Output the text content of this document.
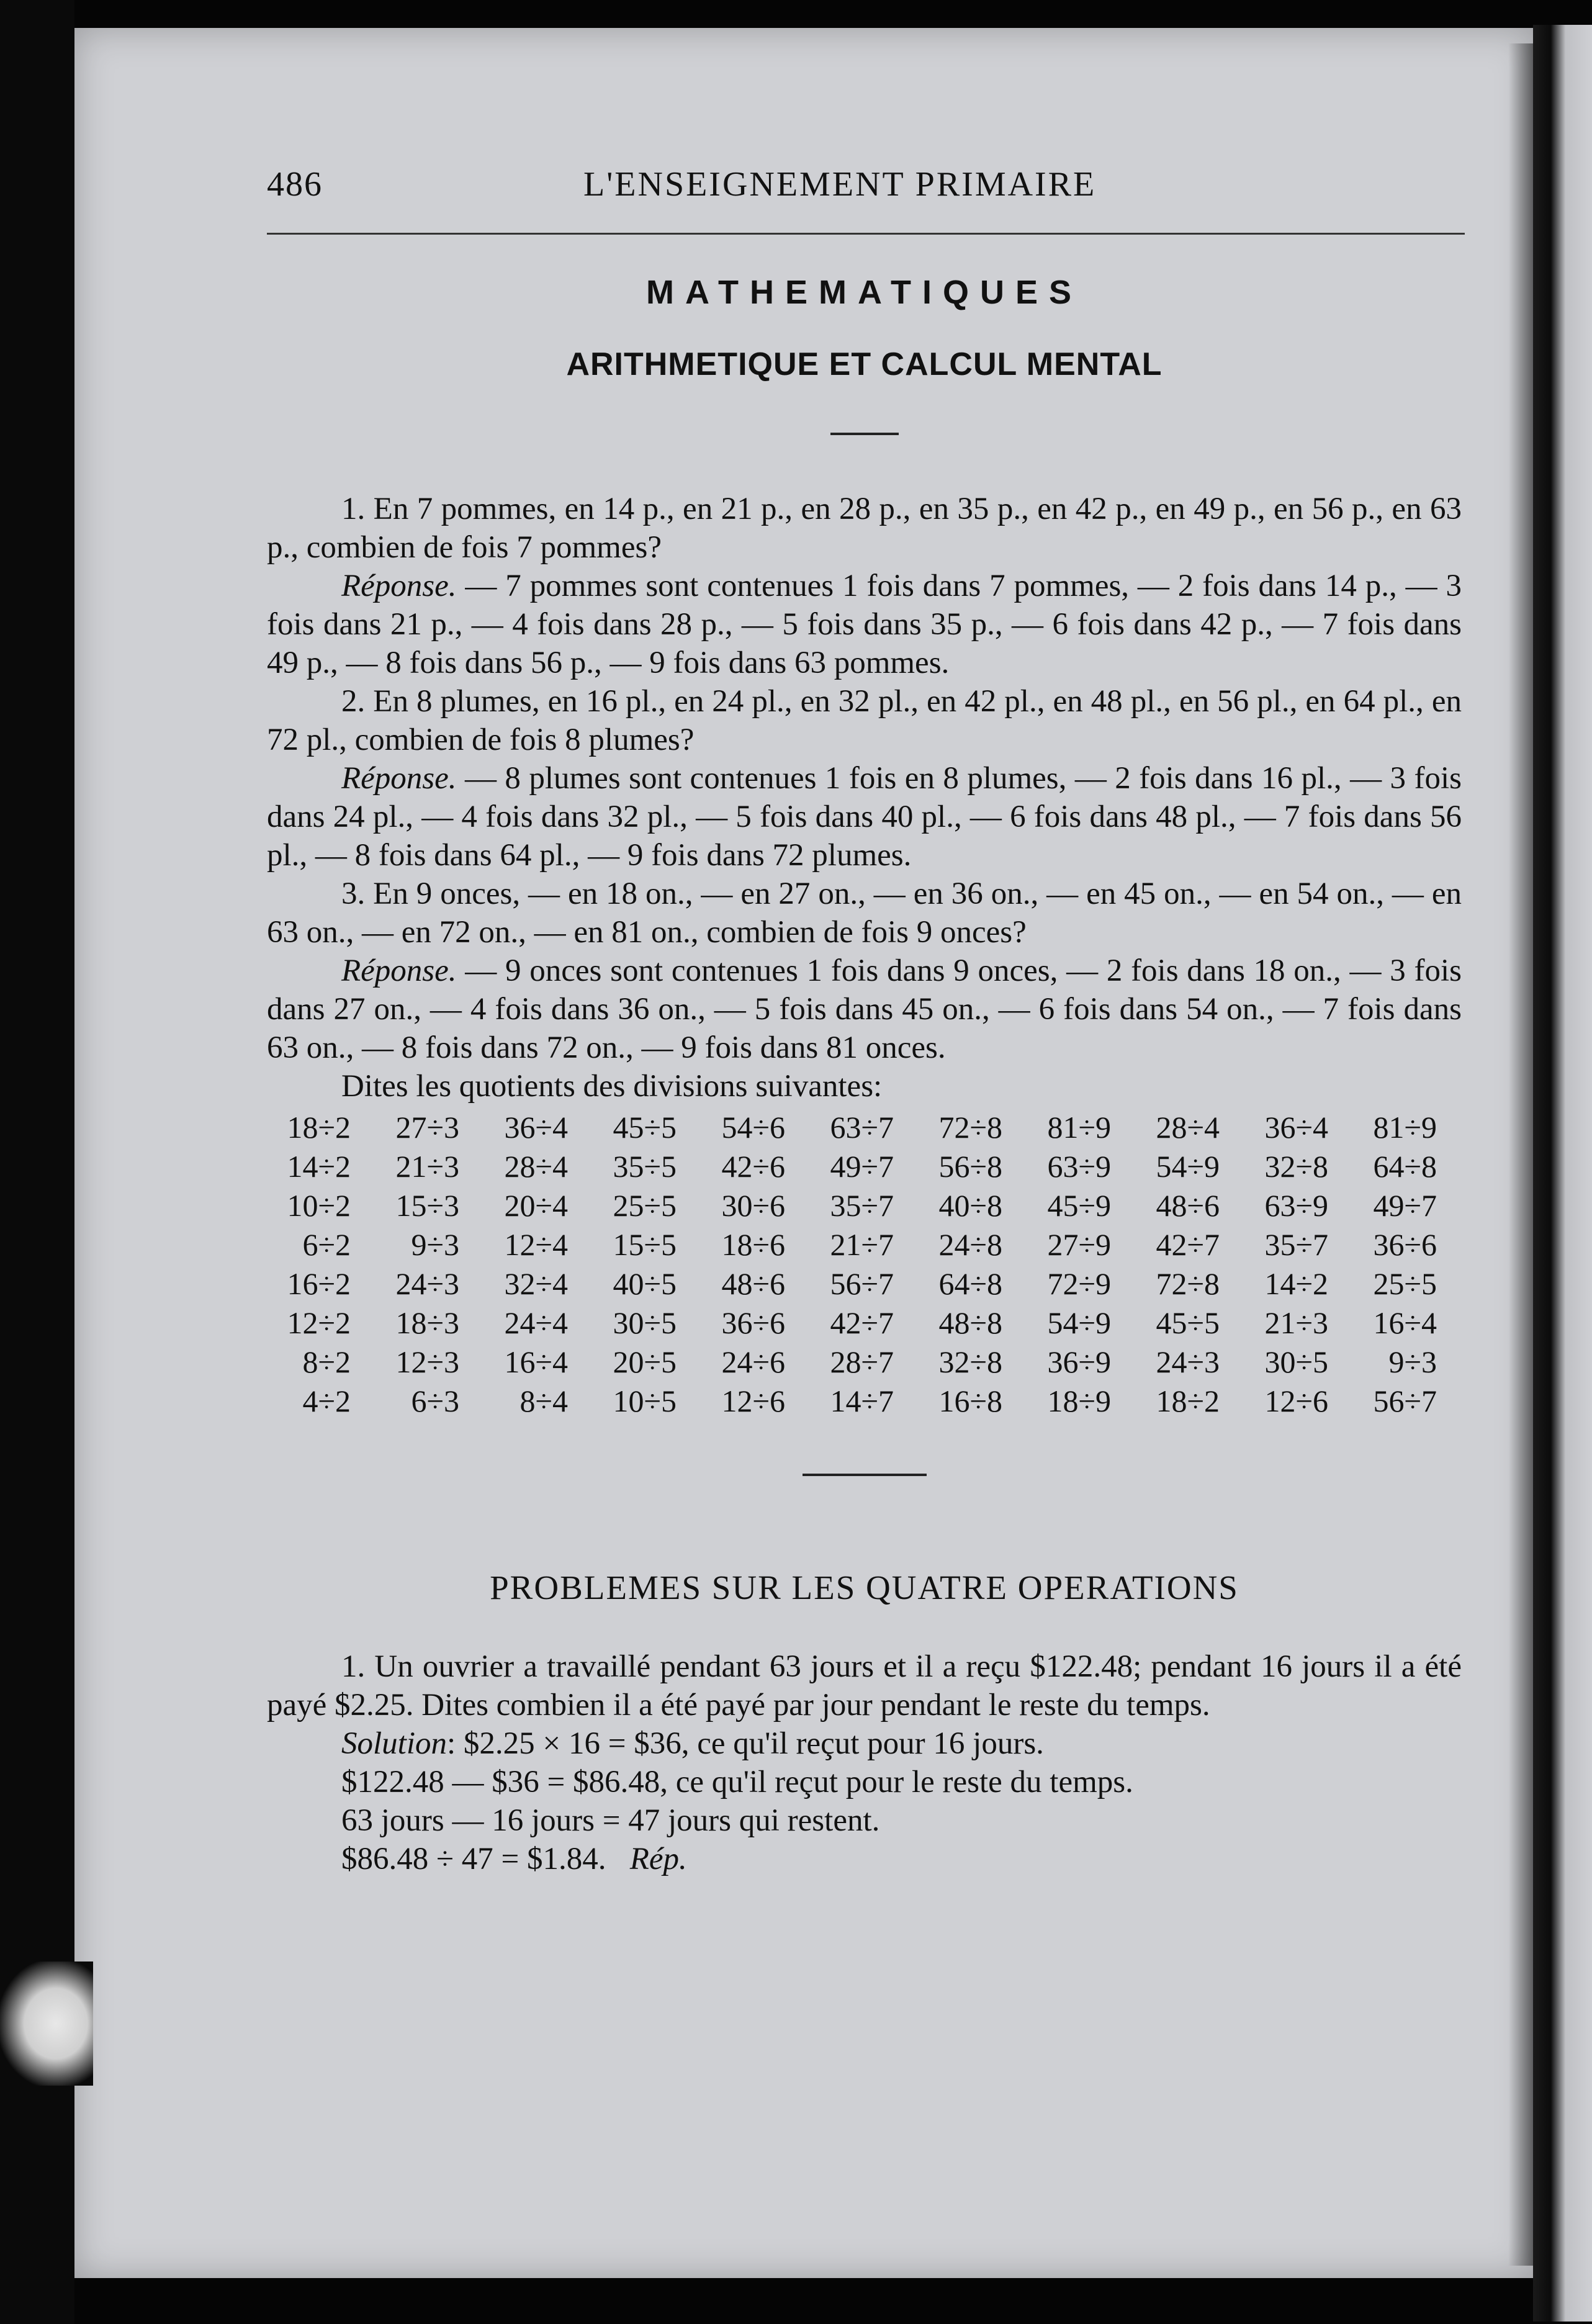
486	L'ENSEIGNEMENT PRIMAIRE
MATHEMATIQUES
ARITHMETIQUE ET CALCUL MENTAL

1. En 7 pommes, en 14 p., en 21 p., en 28 p., en 35 p., en 42 p., en 49 p., en 56 p., en 63 p., combien de fois 7 pommes?

Réponse. — 7 pommes sont contenues 1 fois dans 7 pommes, — 2 fois dans 14 p., — 3 fois dans 21 p., — 4 fois dans 28 p., — 5 fois dans 35 p., — 6 fois dans 42 p., — 7 fois dans 49 p., — 8 fois dans 56 p., — 9 fois dans 63 pommes.

2. En 8 plumes, en 16 pl., en 24 pl., en 32 pl., en 42 pl., en 48 pl., en 56 pl., en 64 pl., en 72 pl., combien de fois 8 plumes?

Réponse. — 8 plumes sont contenues 1 fois en 8 plumes, — 2 fois dans 16 pl., — 3 fois dans 24 pl., — 4 fois dans 32 pl., — 5 fois dans 40 pl., — 6 fois dans 48 pl., — 7 fois dans 56 pl., — 8 fois dans 64 pl., — 9 fois dans 72 plumes.

3. En 9 onces, — en 18 on., — en 27 on., — en 36 on., — en 45 on., — en 54 on., — en 63 on., — en 72 on., — en 81 on., combien de fois 9 onces?

Réponse. — 9 onces sont contenues 1 fois dans 9 onces, — 2 fois dans 18 on., — 3 fois dans 27 on., — 4 fois dans 36 on., — 5 fois dans 45 on., — 6 fois dans 54 on., — 7 fois dans 63 on., — 8 fois dans 72 on., — 9 fois dans 81 onces.

Dites les quotients des divisions suivantes:

18÷2	27÷3	36÷4	45÷5	54÷6	63÷7	72÷8	81÷9	28÷4	36÷4	81÷9
14÷2	21÷3	28÷4	35÷5	42÷6	49÷7	56÷8	63÷9	54÷9	32÷8	64÷8
10÷2	15÷3	20÷4	25÷5	30÷6	35÷7	40÷8	45÷9	48÷6	63÷9	49÷7
6÷2	9÷3	12÷4	15÷5	18÷6	21÷7	24÷8	27÷9	42÷7	35÷7	36÷6
16÷2	24÷3	32÷4	40÷5	48÷6	56÷7	64÷8	72÷9	72÷8	14÷2	25÷5
12÷2	18÷3	24÷4	30÷5	36÷6	42÷7	48÷8	54÷9	45÷5	21÷3	16÷4
8÷2	12÷3	16÷4	20÷5	24÷6	28÷7	32÷8	36÷9	24÷3	30÷5	9÷3
4÷2	6÷3	8÷4	10÷5	12÷6	14÷7	16÷8	18÷9	18÷2	12÷6	56÷7
PROBLEMES SUR LES QUATRE OPERATIONS

1. Un ouvrier a travaillé pendant 63 jours et il a reçu $122.48; pendant 16 jours il a été payé $2.25. Dites combien il a été payé par jour pendant le reste du temps.

Solution: $2.25 × 16 = $36, ce qu'il reçut pour 16 jours.

$122.48 — $36 = $86.48, ce qu'il reçut pour le reste du temps.

63 jours — 16 jours = 47 jours qui restent.

$86.48 ÷ 47 = $1.84. Rép.
